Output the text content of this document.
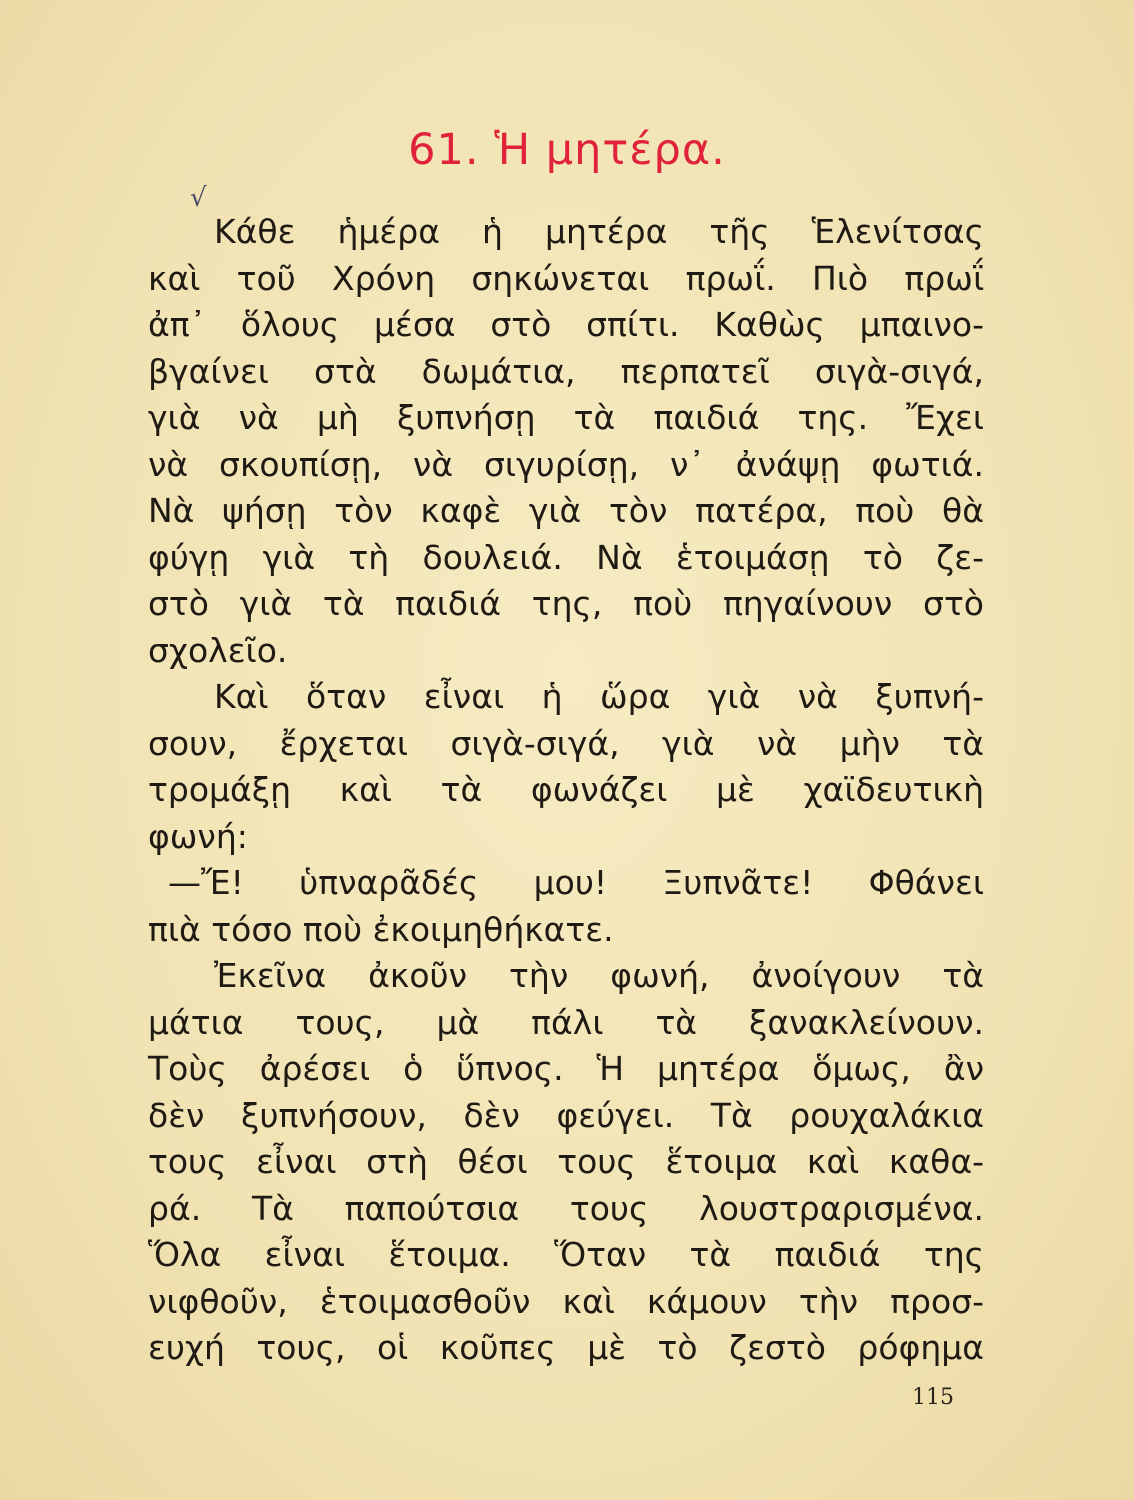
61. Ἡ μητέρα.
√
Κάθε ἡμέρα ἡ μητέρα τῆς Ἑλενίτσας
καὶ τοῦ Χρόνη σηκώνεται πρωΐ. Πιὸ πρωΐ
ἀπ᾽ ὅλους μέσα στὸ σπίτι. Καθὼς μπαινο-
βγαίνει στὰ δωμάτια, περπατεῖ σιγὰ-σιγά,
γιὰ νὰ μὴ ξυπνήσῃ τὰ παιδιά της. Ἔχει
νὰ σκουπίσῃ, νὰ σιγυρίσῃ, ν᾽ ἀνάψῃ φωτιά.
Νὰ ψήσῃ τὸν καφὲ γιὰ τὸν πατέρα, ποὺ θὰ
φύγῃ γιὰ τὴ δουλειά. Νὰ ἑτοιμάσῃ τὸ ζε-
στὸ γιὰ τὰ παιδιά της, ποὺ πηγαίνουν στὸ
σχολεῖο.
Καὶ ὅταν εἶναι ἡ ὥρα γιὰ νὰ ξυπνή-
σουν, ἔρχεται σιγὰ-σιγά, γιὰ νὰ μὴν τὰ
τρομάξῃ καὶ τὰ φωνάζει μὲ χαϊδευτικὴ
φωνή:
—Ἔ! ὑπναρᾶδές μου! Ξυπνᾶτε! Φθάνει
πιὰ τόσο ποὺ ἐκοιμηθήκατε.
Ἐκεῖνα ἀκοῦν τὴν φωνή, ἀνοίγουν τὰ
μάτια τους, μὰ πάλι τὰ ξανακλείνουν.
Τοὺς ἀρέσει ὁ ὕπνος. Ἡ μητέρα ὅμως, ἂν
δὲν ξυπνήσουν, δὲν φεύγει. Τὰ ρουχαλάκια
τους εἶναι στὴ θέσι τους ἕτοιμα καὶ καθα-
ρά. Τὰ παπούτσια τους λουστραρισμένα.
Ὅλα εἶναι ἕτοιμα. Ὅταν τὰ παιδιά της
νιφθοῦν, ἑτοιμασθοῦν καὶ κάμουν τὴν προσ-
ευχή τους, οἱ κοῦπες μὲ τὸ ζεστὸ ρόφημα
115
